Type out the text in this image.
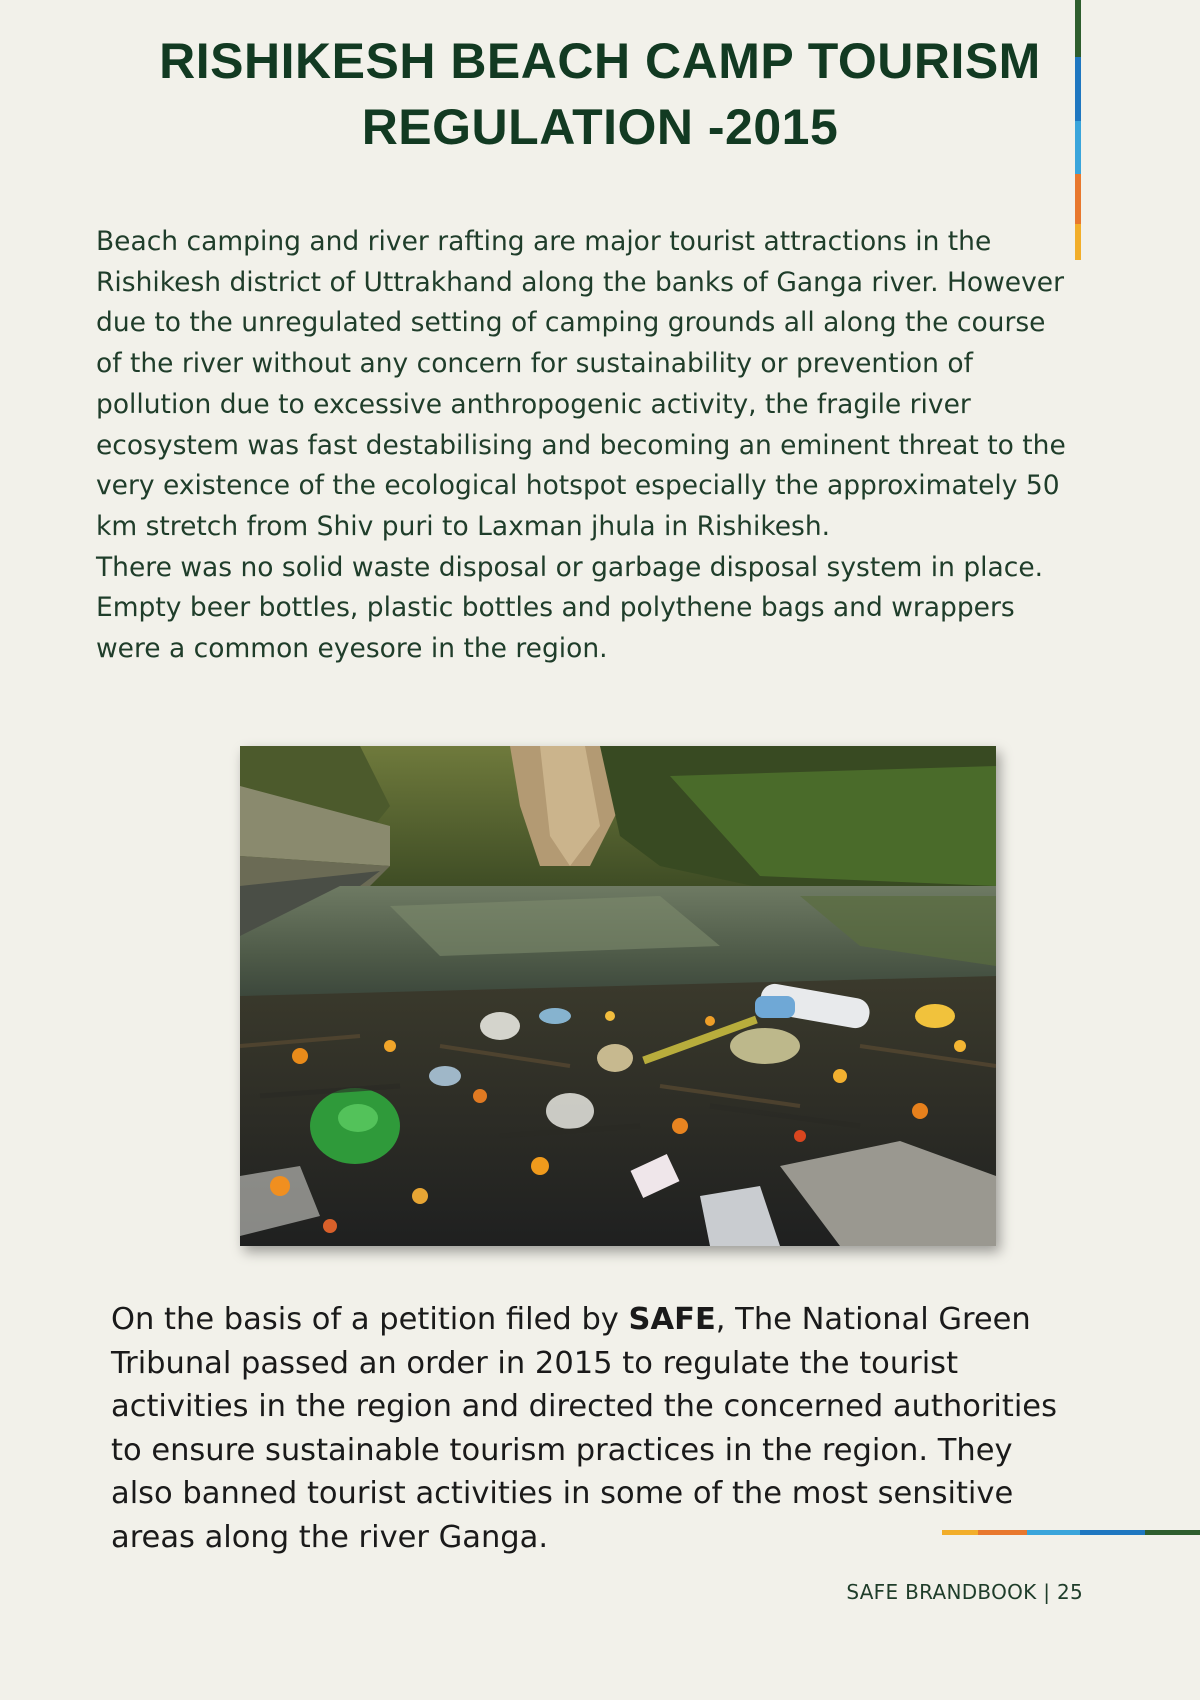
RISHIKESH BEACH CAMP TOURISM
REGULATION -2015

Beach camping and river rafting are major tourist attractions in the Rishikesh district of Uttrakhand along the banks of Ganga river. However due to the unregulated setting of camping grounds all along the course of the river without any concern for sustainability or prevention of pollution due to excessive anthropogenic activity, the fragile river ecosystem was fast destabilising and becoming an eminent threat to the very existence of the ecological hotspot especially the approximately 50 km stretch from Shiv puri to Laxman jhula in Rishikesh.

There was no solid waste disposal or garbage disposal system in place. Empty beer bottles, plastic bottles and polythene bags and wrappers were a common eyesore in the region.

On the basis of a petition filed by SAFE, The National Green Tribunal passed an order in 2015 to regulate the tourist activities in the region and directed the concerned authorities to ensure sustainable tourism practices in the region. They also banned tourist activities in some of the most sensitive areas along the river Ganga.

SAFE BRANDBOOK | 25
